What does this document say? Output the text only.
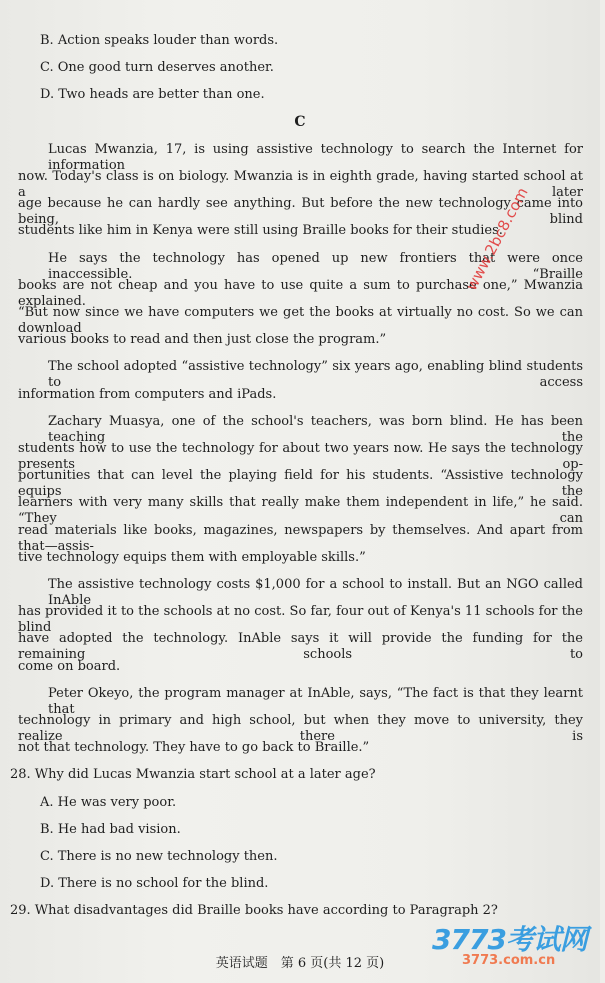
B. Action speaks louder than words.
C. One good turn deserves another.
D. Two heads are better than one.
C
Lucas Mwanzia, 17, is using assistive technology to search the Internet for information
now. Today's class is on biology. Mwanzia is in eighth grade, having started school at a later
age because he can hardly see anything. But before the new technology came into being, blind
students like him in Kenya were still using Braille books for their studies.
He says the technology has opened up new frontiers that were once inaccessible. “Braille
books are not cheap and you have to use quite a sum to purchase one,” Mwanzia explained.
“But now since we have computers we get the books at virtually no cost. So we can download
various books to read and then just close the program.”
The school adopted “assistive technology” six years ago, enabling blind students to access
information from computers and iPads.
Zachary Muasya, one of the school's teachers, was born blind. He has been teaching the
students how to use the technology for about two years now. He says the technology presents op-
portunities that can level the playing field for his students. “Assistive technology equips the
learners with very many skills that really make them independent in life,” he said. “They can
read materials like books, magazines, newspapers by themselves. And apart from that—assis-
tive technology equips them with employable skills.”
The assistive technology costs $1,000 for a school to install. But an NGO called InAble
has provided it to the schools at no cost. So far, four out of Kenya's 11 schools for the blind
have adopted the technology. InAble says it will provide the funding for the remaining schools to
come on board.
Peter Okeyo, the program manager at InAble, says, “The fact is that they learnt that
technology in primary and high school, but when they move to university, they realize there is
not that technology. They have to go back to Braille.”
28. Why did Lucas Mwanzia start school at a later age?
A. He was very poor.
B. He had bad vision.
C. There is no new technology then.
D. There is no school for the blind.
29. What disadvantages did Braille books have according to Paragraph 2?
英语试题　第 6 页(共 12 页)
www.2bc8.com
3773考试网
3773.com.cn
